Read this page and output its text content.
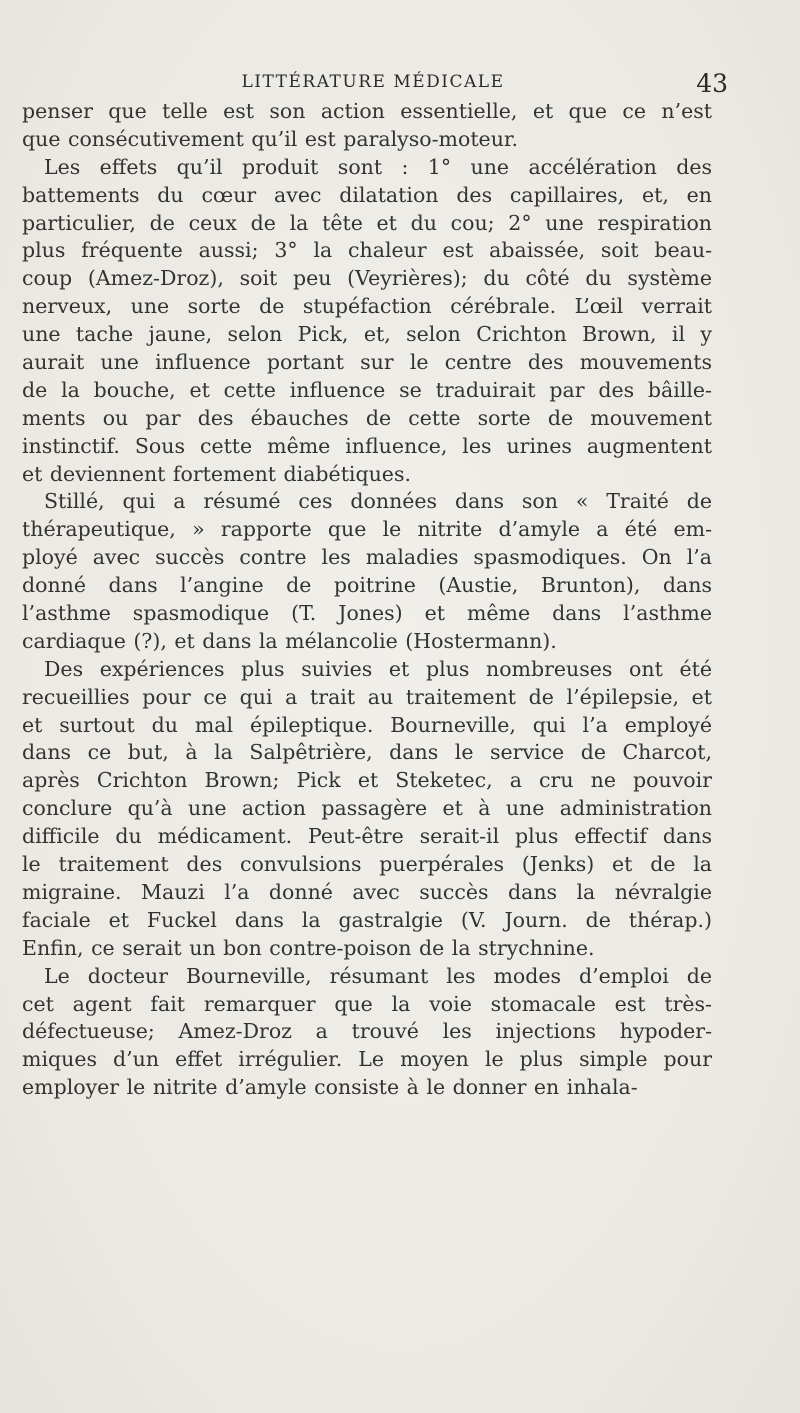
LITTÉRATURE MÉDICALE	43
penser que telle est son action essentielle, et que ce n’est
que consécutivement qu’il est paralyso-moteur.
Les effets qu’il produit sont : 1° une accélération des
battements du cœur avec dilatation des capillaires, et, en
particulier, de ceux de la tête et du cou; 2° une respiration
plus fréquente aussi; 3° la chaleur est abaissée, soit beau-
coup (Amez-Droz), soit peu (Veyrières); du côté du système
nerveux, une sorte de stupéfaction cérébrale. L’œil verrait
une tache jaune, selon Pick, et, selon Crichton Brown, il y
aurait une influence portant sur le centre des mouvements
de la bouche, et cette influence se traduirait par des bâille-
ments ou par des ébauches de cette sorte de mouvement
instinctif. Sous cette même influence, les urines augmentent
et deviennent fortement diabétiques.
Stillé, qui a résumé ces données dans son « Traité de
thérapeutique, » rapporte que le nitrite d’amyle a été em-
ployé avec succès contre les maladies spasmodiques. On l’a
donné dans l’angine de poitrine (Austie, Brunton), dans
l’asthme spasmodique (T. Jones) et même dans l’asthme
cardiaque (?), et dans la mélancolie (Hostermann).
Des expériences plus suivies et plus nombreuses ont été
recueillies pour ce qui a trait au traitement de l’épilepsie, et
et surtout du mal épileptique. Bourneville, qui l’a employé
dans ce but, à la Salpêtrière, dans le service de Charcot,
après Crichton Brown; Pick et Steketec, a cru ne pouvoir
conclure qu’à une action passagère et à une administration
difficile du médicament. Peut-être serait-il plus effectif dans
le traitement des convulsions puerpérales (Jenks) et de la
migraine. Mauzi l’a donné avec succès dans la névralgie
faciale et Fuckel dans la gastralgie (V. Journ. de thérap.)
Enfin, ce serait un bon contre-poison de la strychnine.
Le docteur Bourneville, résumant les modes d’emploi de
cet agent fait remarquer que la voie stomacale est très-
défectueuse; Amez-Droz a trouvé les injections hypoder-
miques d’un effet irrégulier. Le moyen le plus simple pour
employer le nitrite d’amyle consiste à le donner en inhala-
